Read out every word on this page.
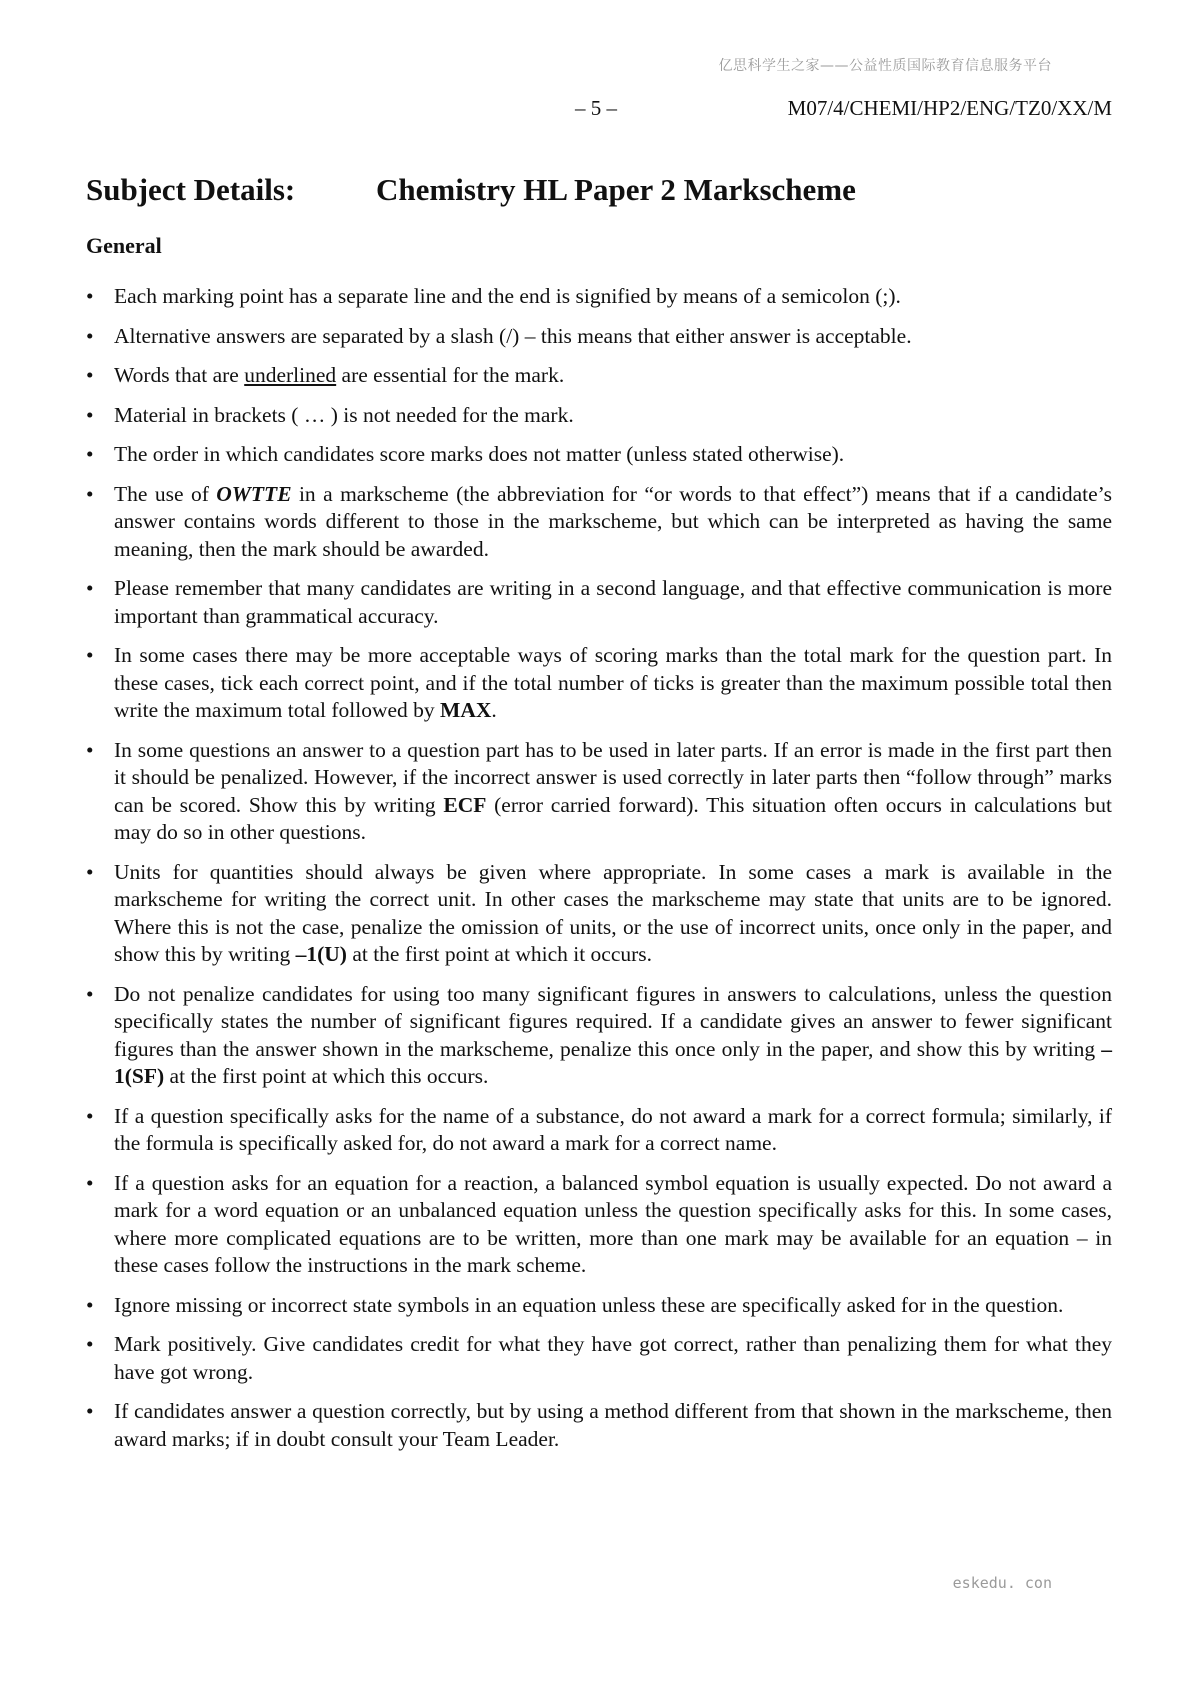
亿思科学生之家——公益性质国际教育信息服务平台
– 5 –	M07/4/CHEMI/HP2/ENG/TZ0/XX/M
Subject Details:	Chemistry HL Paper 2 Markscheme
General
• Each marking point has a separate line and the end is signified by means of a semicolon (;).
• Alternative answers are separated by a slash (/) – this means that either answer is acceptable.
• Words that are underlined are essential for the mark.
• Material in brackets ( … ) is not needed for the mark.
• The order in which candidates score marks does not matter (unless stated otherwise).
• The use of OWTTE in a markscheme (the abbreviation for “or words to that effect”) means that if a candidate’s answer contains words different to those in the markscheme, but which can be interpreted as having the same meaning, then the mark should be awarded.
• Please remember that many candidates are writing in a second language, and that effective communication is more important than grammatical accuracy.
• In some cases there may be more acceptable ways of scoring marks than the total mark for the question part. In these cases, tick each correct point, and if the total number of ticks is greater than the maximum possible total then write the maximum total followed by MAX.
• In some questions an answer to a question part has to be used in later parts. If an error is made in the first part then it should be penalized. However, if the incorrect answer is used correctly in later parts then “follow through” marks can be scored. Show this by writing ECF (error carried forward). This situation often occurs in calculations but may do so in other questions.
• Units for quantities should always be given where appropriate. In some cases a mark is available in the markscheme for writing the correct unit. In other cases the markscheme may state that units are to be ignored. Where this is not the case, penalize the omission of units, or the use of incorrect units, once only in the paper, and show this by writing –1(U) at the first point at which it occurs.
• Do not penalize candidates for using too many significant figures in answers to calculations, unless the question specifically states the number of significant figures required. If a candidate gives an answer to fewer significant figures than the answer shown in the markscheme, penalize this once only in the paper, and show this by writing –1(SF) at the first point at which this occurs.
• If a question specifically asks for the name of a substance, do not award a mark for a correct formula; similarly, if the formula is specifically asked for, do not award a mark for a correct name.
• If a question asks for an equation for a reaction, a balanced symbol equation is usually expected. Do not award a mark for a word equation or an unbalanced equation unless the question specifically asks for this. In some cases, where more complicated equations are to be written, more than one mark may be available for an equation – in these cases follow the instructions in the mark scheme.
• Ignore missing or incorrect state symbols in an equation unless these are specifically asked for in the question.
• Mark positively. Give candidates credit for what they have got correct, rather than penalizing them for what they have got wrong.
• If candidates answer a question correctly, but by using a method different from that shown in the markscheme, then award marks; if in doubt consult your Team Leader.
eskedu. con
